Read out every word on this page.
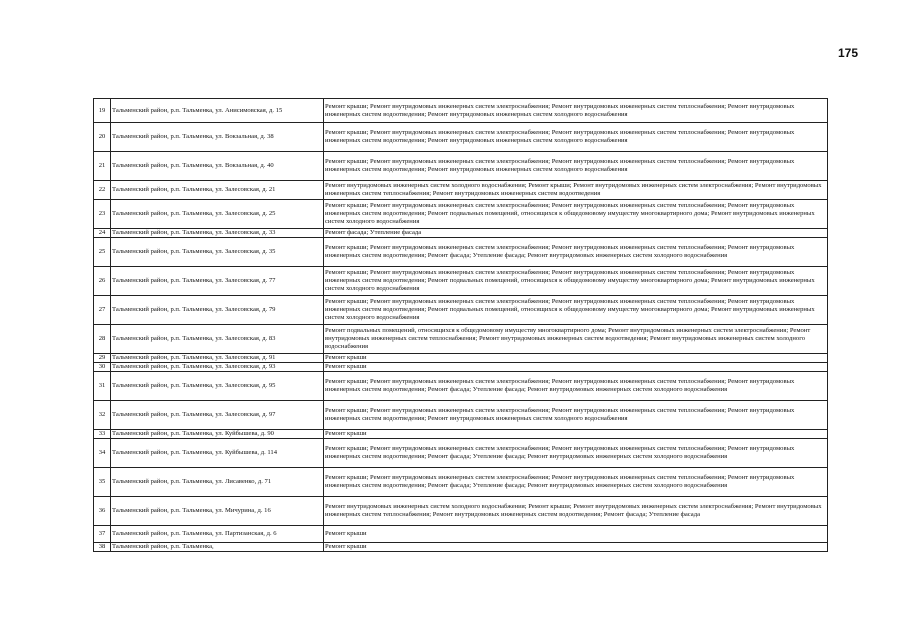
175
19	Тальменский район, р.п. Тальменка, ул. Анисимовская, д. 15	Ремонт крыши; Ремонт внутридомовых инженерных систем электроснабжения; Ремонт внутридомовых инженерных систем теплоснабжения; Ремонт внутридомовых инженерных систем водоотведения; Ремонт внутридомовых инженерных систем холодного водоснабжения
20	Тальменский район, р.п. Тальменка, ул. Вокзальная, д. 38	Ремонт крыши; Ремонт внутридомовых инженерных систем электроснабжения; Ремонт внутридомовых инженерных систем теплоснабжения; Ремонт внутридомовых инженерных систем водоотведения; Ремонт внутридомовых инженерных систем холодного водоснабжения
21	Тальменский район, р.п. Тальменка, ул. Вокзальная, д. 40	Ремонт крыши; Ремонт внутридомовых инженерных систем электроснабжения; Ремонт внутридомовых инженерных систем теплоснабжения; Ремонт внутридомовых инженерных систем водоотведения; Ремонт внутридомовых инженерных систем холодного водоснабжения
22	Тальменский район, р.п. Тальменка, ул. Залесовская, д. 21	Ремонт внутридомовых инженерных систем холодного водоснабжения; Ремонт крыши; Ремонт внутридомовых инженерных систем электроснабжения; Ремонт внутридомовых инженерных систем теплоснабжения; Ремонт внутридомовых инженерных систем водоотведения
23	Тальменский район, р.п. Тальменка, ул. Залесовская, д. 25	Ремонт крыши; Ремонт внутридомовых инженерных систем электроснабжения; Ремонт внутридомовых инженерных систем теплоснабжения; Ремонт внутридомовых инженерных систем водоотведения; Ремонт подвальных помещений, относящихся к общедомовому имуществу многоквартирного дома; Ремонт внутридомовых инженерных систем холодного водоснабжения
24	Тальменский район, р.п. Тальменка, ул. Залесовская, д. 33	Ремонт фасада; Утепление фасада
25	Тальменский район, р.п. Тальменка, ул. Залесовская, д. 35	Ремонт крыши; Ремонт внутридомовых инженерных систем электроснабжения; Ремонт внутридомовых инженерных систем теплоснабжения; Ремонт внутридомовых инженерных систем водоотведения; Ремонт фасада; Утепление фасада; Ремонт внутридомовых инженерных систем холодного водоснабжения
26	Тальменский район, р.п. Тальменка, ул. Залесовская, д. 77	Ремонт крыши; Ремонт внутридомовых инженерных систем электроснабжения; Ремонт внутридомовых инженерных систем теплоснабжения; Ремонт внутридомовых инженерных систем водоотведения; Ремонт подвальных помещений, относящихся к общедомовому имуществу многоквартирного дома; Ремонт внутридомовых инженерных систем холодного водоснабжения
27	Тальменский район, р.п. Тальменка, ул. Залесовская, д. 79	Ремонт крыши; Ремонт внутридомовых инженерных систем электроснабжения; Ремонт внутридомовых инженерных систем теплоснабжения; Ремонт внутридомовых инженерных систем водоотведения; Ремонт подвальных помещений, относящихся к общедомовому имуществу многоквартирного дома; Ремонт внутридомовых инженерных систем холодного водоснабжения
28	Тальменский район, р.п. Тальменка, ул. Залесовская, д. 83	Ремонт подвальных помещений, относящихся к общедомовому имуществу многоквартирного дома; Ремонт внутридомовых инженерных систем электроснабжения; Ремонт внутридомовых инженерных систем теплоснабжения; Ремонт внутридомовых инженерных систем водоотведения; Ремонт внутридомовых инженерных систем холодного водоснабжения
29	Тальменский район, р.п. Тальменка, ул. Залесовская, д. 91	Ремонт крыши
30	Тальменский район, р.п. Тальменка, ул. Залесовская, д. 93	Ремонт крыши
31	Тальменский район, р.п. Тальменка, ул. Залесовская, д. 95	Ремонт крыши; Ремонт внутридомовых инженерных систем электроснабжения; Ремонт внутридомовых инженерных систем теплоснабжения; Ремонт внутридомовых инженерных систем водоотведения; Ремонт фасада; Утепление фасада; Ремонт внутридомовых инженерных систем холодного водоснабжения
32	Тальменский район, р.п. Тальменка, ул. Залесовская, д. 97	Ремонт крыши; Ремонт внутридомовых инженерных систем электроснабжения; Ремонт внутридомовых инженерных систем теплоснабжения; Ремонт внутридомовых инженерных систем водоотведения; Ремонт внутридомовых инженерных систем холодного водоснабжения
33	Тальменский район, р.п. Тальменка, ул. Куйбышева, д. 90	Ремонт крыши
34	Тальменский район, р.п. Тальменка, ул. Куйбышева, д. 114	Ремонт крыши; Ремонт внутридомовых инженерных систем электроснабжения; Ремонт внутридомовых инженерных систем теплоснабжения; Ремонт внутридомовых инженерных систем водоотведения; Ремонт фасада; Утепление фасада; Ремонт внутридомовых инженерных систем холодного водоснабжения
35	Тальменский район, р.п. Тальменка, ул. Лисавенко, д. 71	Ремонт крыши; Ремонт внутридомовых инженерных систем электроснабжения; Ремонт внутридомовых инженерных систем теплоснабжения; Ремонт внутридомовых инженерных систем водоотведения; Ремонт фасада; Утепление фасада; Ремонт внутридомовых инженерных систем холодного водоснабжения
36	Тальменский район, р.п. Тальменка, ул. Мичурина, д. 16	Ремонт внутридомовых инженерных систем холодного водоснабжения; Ремонт крыши; Ремонт внутридомовых инженерных систем электроснабжения; Ремонт внутридомовых инженерных систем теплоснабжения; Ремонт внутридомовых инженерных систем водоотведения; Ремонт фасада; Утепление фасада
37	Тальменский район, р.п. Тальменка, ул. Партизанская, д. 6	Ремонт крыши
38	Тальменский район, р.п. Тальменка,	Ремонт крыши
